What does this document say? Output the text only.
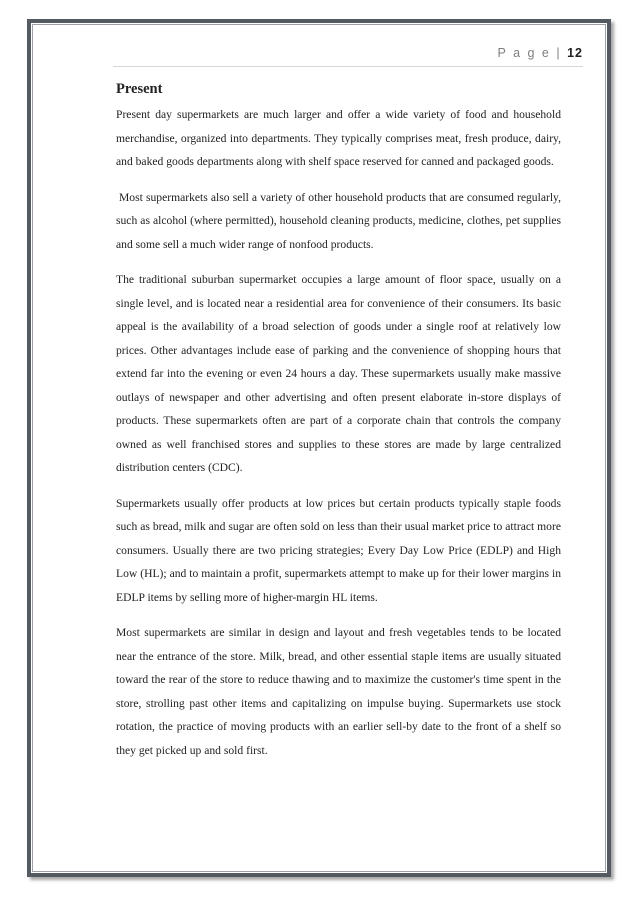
P a g e | 12
Present

Present day supermarkets are much larger and offer a wide variety of food and household merchandise, organized into departments. They typically comprises meat, fresh produce, dairy, and baked goods departments along with shelf space reserved for canned and packaged goods.

Most supermarkets also sell a variety of other household products that are consumed regularly, such as alcohol (where permitted), household cleaning products, medicine, clothes, pet supplies and some sell a much wider range of nonfood products.

The traditional suburban supermarket occupies a large amount of floor space, usually on a single level, and is located near a residential area for convenience of their consumers. Its basic appeal is the availability of a broad selection of goods under a single roof at relatively low prices. Other advantages include ease of parking and the convenience of shopping hours that extend far into the evening or even 24 hours a day. These supermarkets usually make massive outlays of newspaper and other advertising and often present elaborate in-store displays of products. These supermarkets often are part of a corporate chain that controls the company owned as well franchised stores and supplies to these stores are made by large centralized distribution centers (CDC).

Supermarkets usually offer products at low prices but certain products typically staple foods such as bread, milk and sugar are often sold on less than their usual market price to attract more consumers. Usually there are two pricing strategies; Every Day Low Price (EDLP) and High Low (HL); and to maintain a profit, supermarkets attempt to make up for their lower margins in EDLP items by selling more of higher-margin HL items.

Most supermarkets are similar in design and layout and fresh vegetables tends to be located near the entrance of the store. Milk, bread, and other essential staple items are usually situated toward the rear of the store to reduce thawing and to maximize the customer's time spent in the store, strolling past other items and capitalizing on impulse buying. Supermarkets use stock rotation, the practice of moving products with an earlier sell-by date to the front of a shelf so they get picked up and sold first.
